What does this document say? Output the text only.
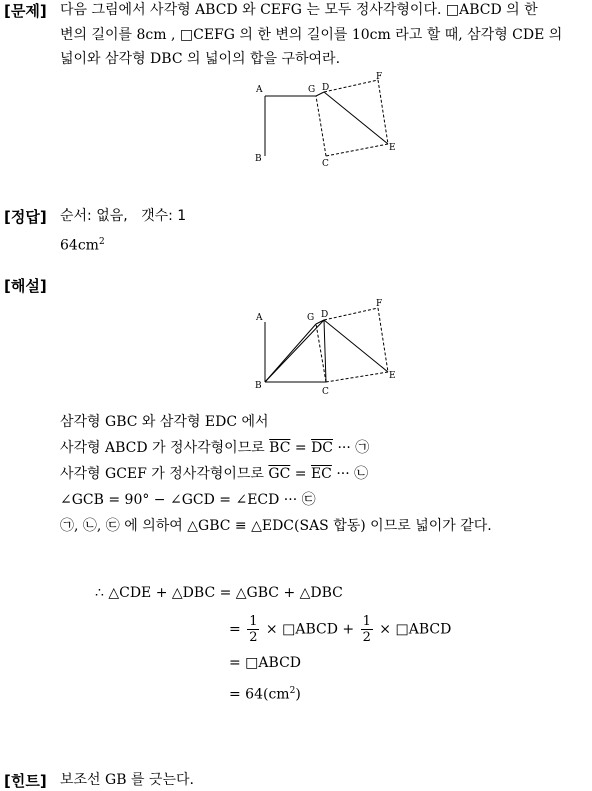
[문제] 다음 그림에서 사각형 ABCD 와 CEFG 는 모두 정사각형이다. □ABCD 의 한
변의 길이를 8cm , □CEFG 의 한 변의 길이를 10cm 라고 할 때, 삼각형 CDE 의
넓이와 삼각형 DBC 의 넓이의 합을 구하여라.
A
B
G D
F
C
E
[정답] 순서: 없음, 갯수: 1
$64cm^2$
[해설]
A
B
G D
F
C
E
삼각형 GBC 와 삼각형 EDC 에서
사각형 ABCD 가 정사각형이므로 $\overline{BC} = \overline{DC}$ ··· ㉠
사각형 GCEF 가 정사각형이므로 $\overline{GC} = \overline{EC}$ ··· ㉡
∠GCB = 90° − ∠GCD = ∠ECD ··· ㉢
㉠, ㉡, ㉢ 에 의하여 △GBC ≡ △EDC(SAS 합동) 이므로 넓이가 같다.
∴ △CDE + △DBC = △GBC + △DBC
= $\frac{1}{2}$ × □ABCD + $\frac{1}{2}$ × □ABCD
= □ABCD
= $64(cm^2)$
[힌트] 보조선 GB 를 긋는다.
